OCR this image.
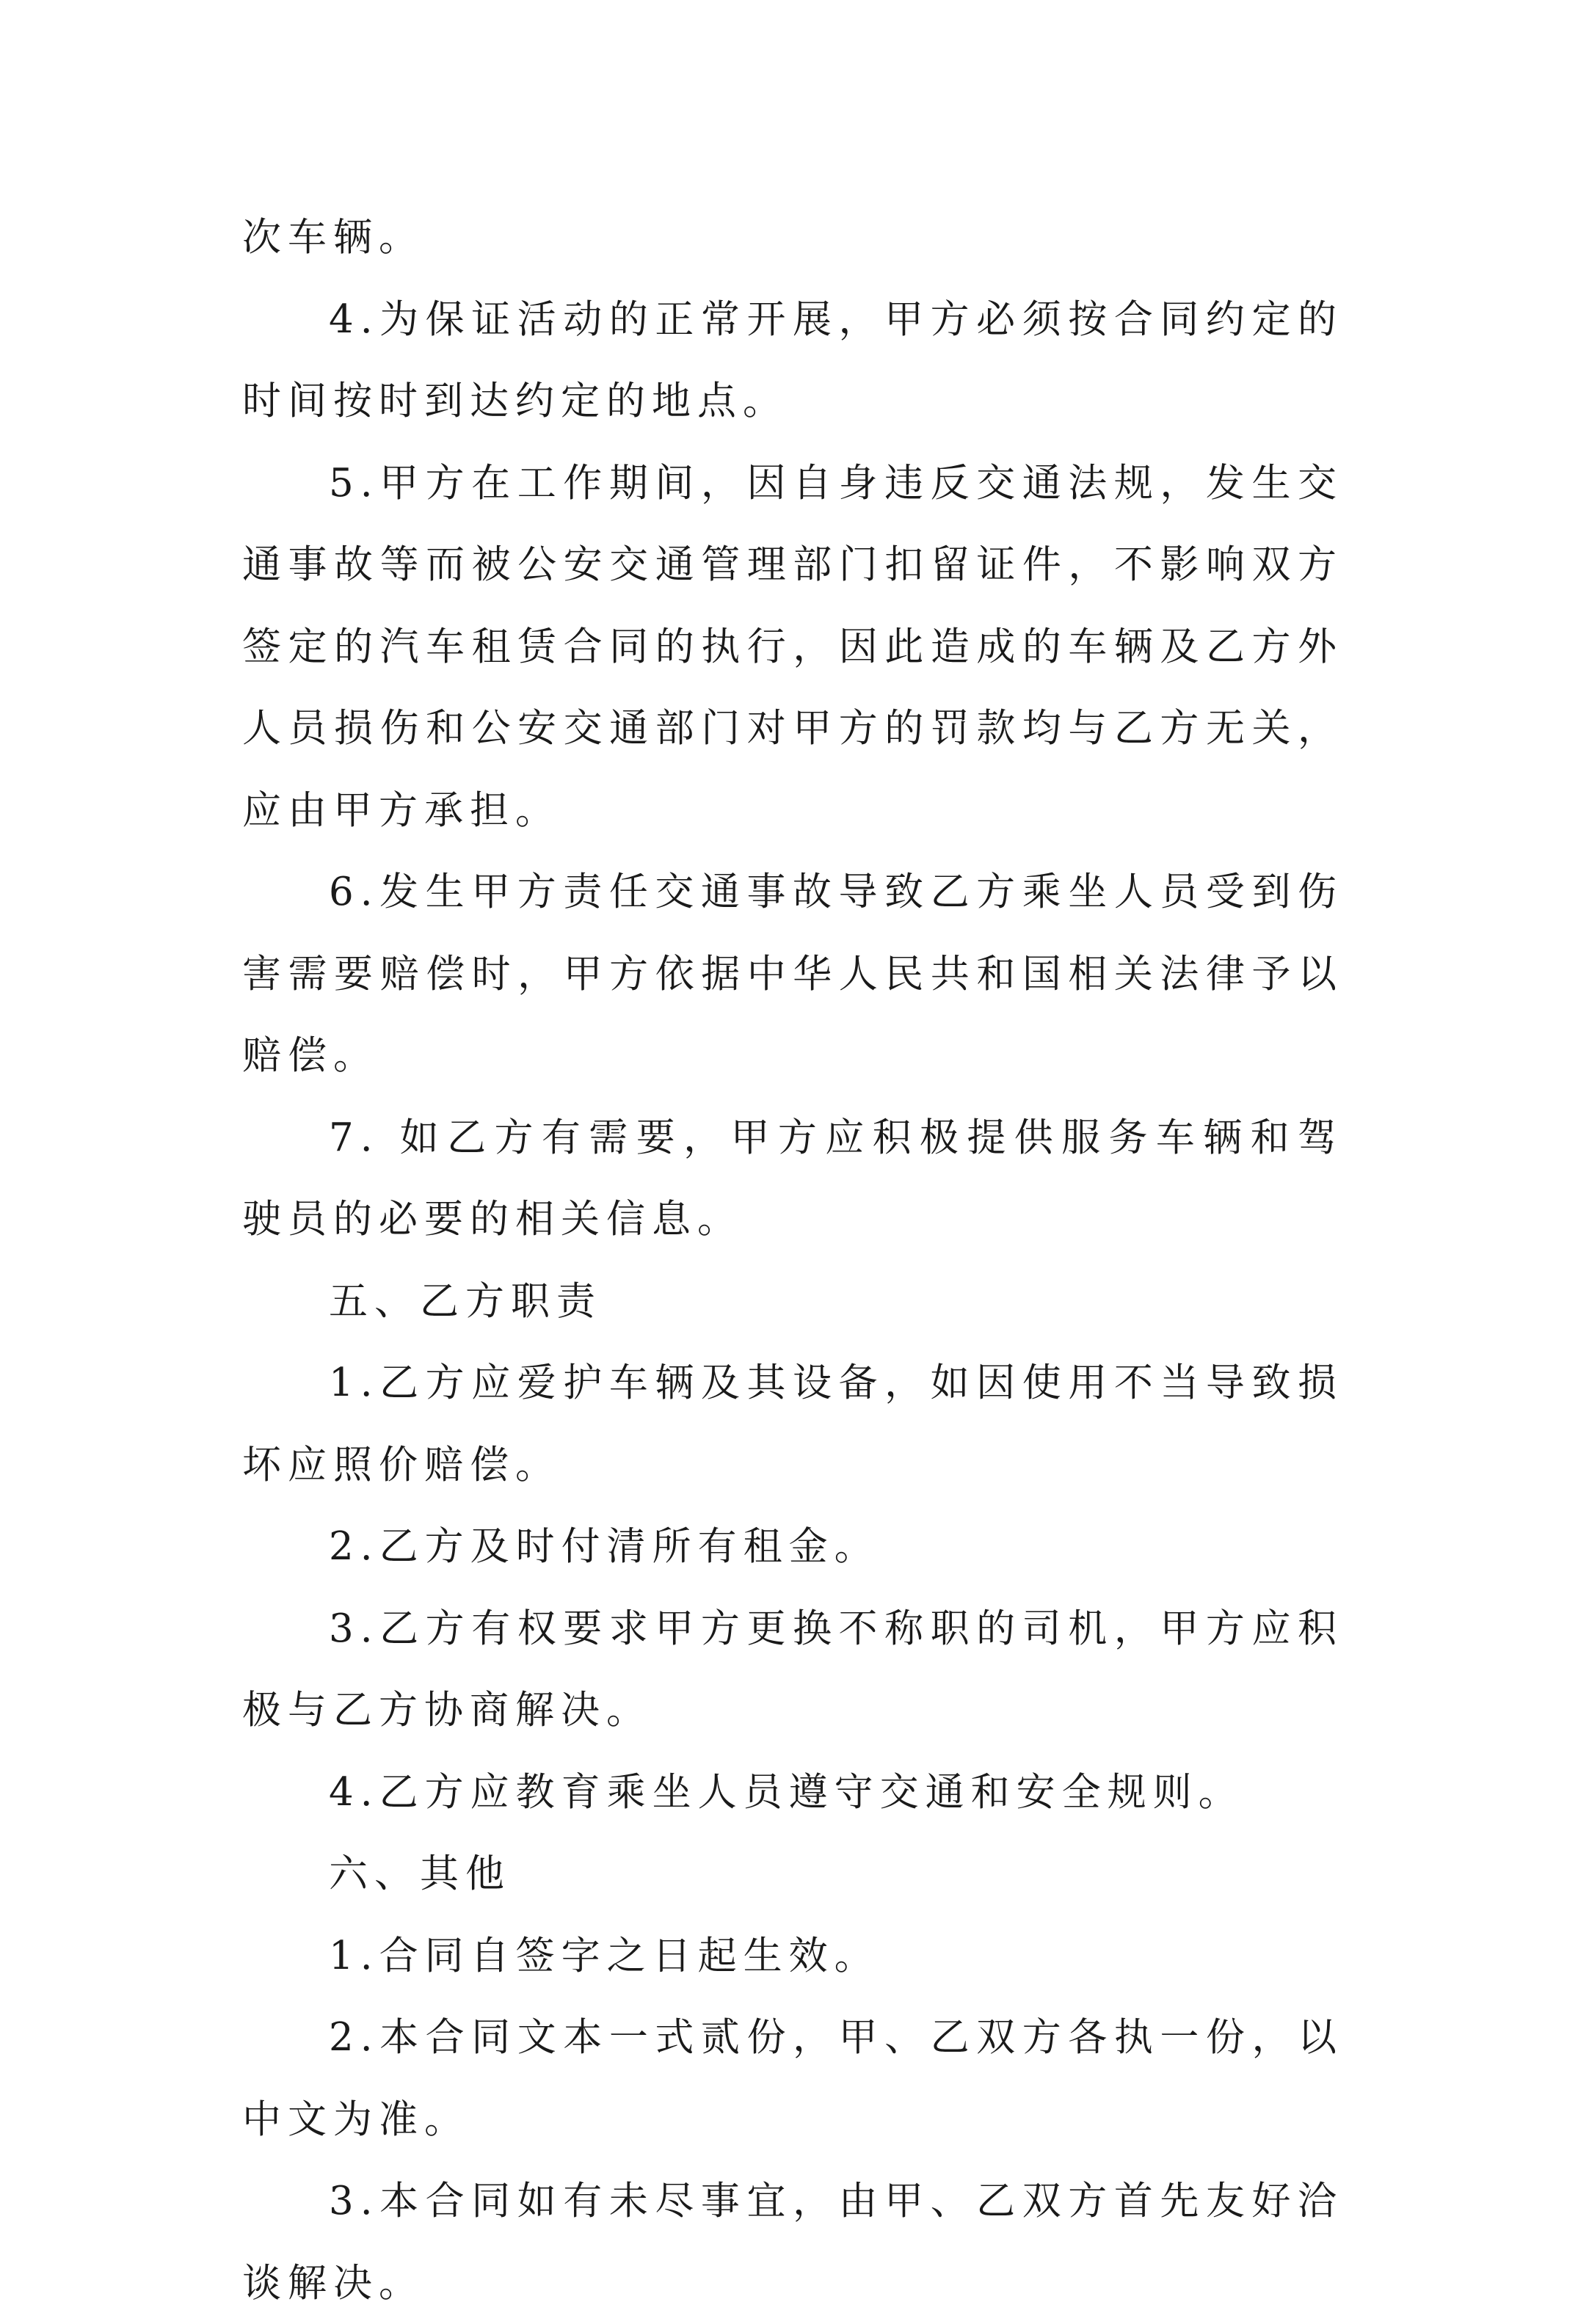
次车辆。

4.为保证活动的正常开展，甲方必须按合同约定的时间按时到达约定的地点。

5.甲方在工作期间，因自身违反交通法规，发生交通事故等而被公安交通管理部门扣留证件，不影响双方签定的汽车租赁合同的执行，因此造成的车辆及乙方外人员损伤和公安交通部门对甲方的罚款均与乙方无关，应由甲方承担。

6.发生甲方责任交通事故导致乙方乘坐人员受到伤害需要赔偿时，甲方依据中华人民共和国相关法律予以赔偿。

7. 如乙方有需要，甲方应积极提供服务车辆和驾驶员的必要的相关信息。

五、乙方职责

1.乙方应爱护车辆及其设备，如因使用不当导致损坏应照价赔偿。

2.乙方及时付清所有租金。

3.乙方有权要求甲方更换不称职的司机，甲方应积极与乙方协商解决。

4.乙方应教育乘坐人员遵守交通和安全规则。

六、其他

1.合同自签字之日起生效。

2.本合同文本一式贰份，甲、乙双方各执一份，以中文为准。

3.本合同如有未尽事宜，由甲、乙双方首先友好洽谈解决。
